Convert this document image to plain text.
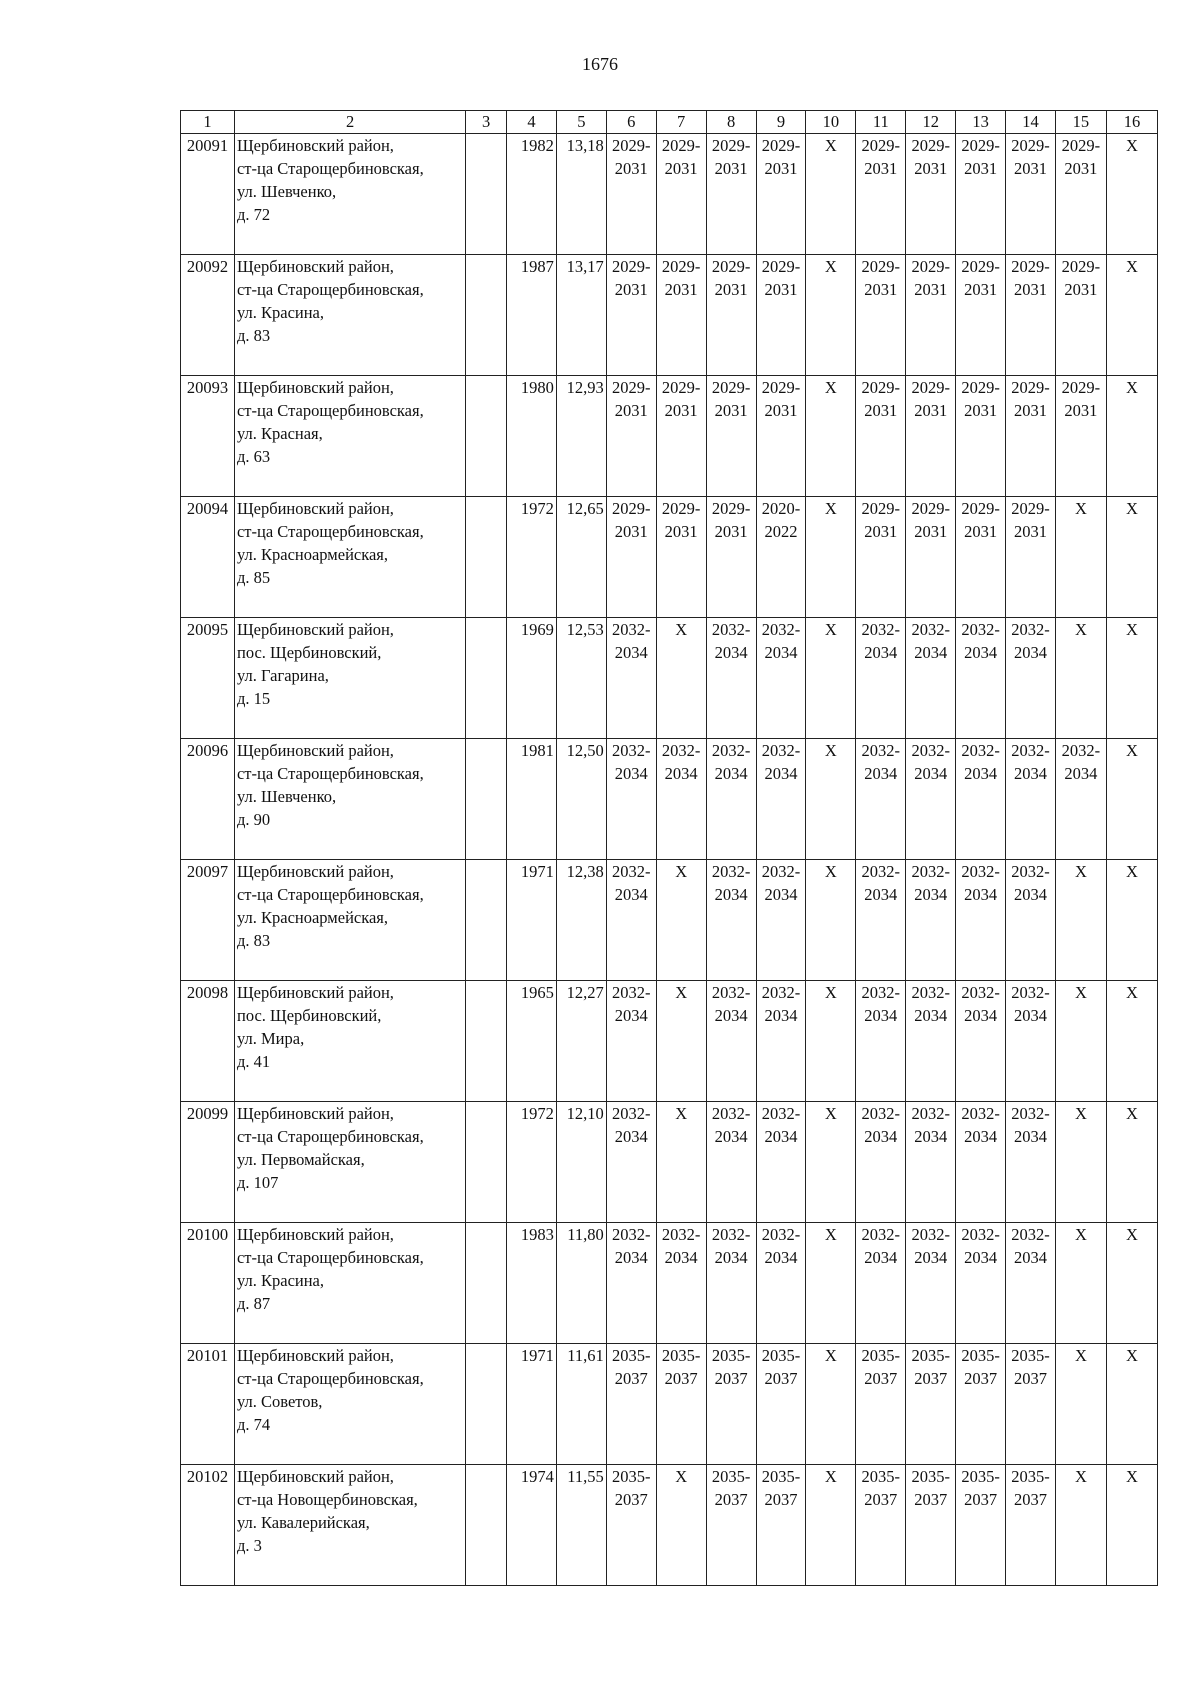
1676
1	2	3	4	5	6	7	8	9	10	11	12	13	14	15	16
20091	Щербиновский район,
ст-ца Старощербиновская,
ул. Шевченко,
д. 72		1982	13,18	2029-
2031	2029-
2031	2029-
2031	2029-
2031	X	2029-
2031	2029-
2031	2029-
2031	2029-
2031	2029-
2031	X
20092	Щербиновский район,
ст-ца Старощербиновская,
ул. Красина,
д. 83		1987	13,17	2029-
2031	2029-
2031	2029-
2031	2029-
2031	X	2029-
2031	2029-
2031	2029-
2031	2029-
2031	2029-
2031	X
20093	Щербиновский район,
ст-ца Старощербиновская,
ул. Красная,
д. 63		1980	12,93	2029-
2031	2029-
2031	2029-
2031	2029-
2031	X	2029-
2031	2029-
2031	2029-
2031	2029-
2031	2029-
2031	X
20094	Щербиновский район,
ст-ца Старощербиновская,
ул. Красноармейская,
д. 85		1972	12,65	2029-
2031	2029-
2031	2029-
2031	2020-
2022	X	2029-
2031	2029-
2031	2029-
2031	2029-
2031	X	X
20095	Щербиновский район,
пос. Щербиновский,
ул. Гагарина,
д. 15		1969	12,53	2032-
2034	X	2032-
2034	2032-
2034	X	2032-
2034	2032-
2034	2032-
2034	2032-
2034	X	X
20096	Щербиновский район,
ст-ца Старощербиновская,
ул. Шевченко,
д. 90		1981	12,50	2032-
2034	2032-
2034	2032-
2034	2032-
2034	X	2032-
2034	2032-
2034	2032-
2034	2032-
2034	2032-
2034	X
20097	Щербиновский район,
ст-ца Старощербиновская,
ул. Красноармейская,
д. 83		1971	12,38	2032-
2034	X	2032-
2034	2032-
2034	X	2032-
2034	2032-
2034	2032-
2034	2032-
2034	X	X
20098	Щербиновский район,
пос. Щербиновский,
ул. Мира,
д. 41		1965	12,27	2032-
2034	X	2032-
2034	2032-
2034	X	2032-
2034	2032-
2034	2032-
2034	2032-
2034	X	X
20099	Щербиновский район,
ст-ца Старощербиновская,
ул. Первомайская,
д. 107		1972	12,10	2032-
2034	X	2032-
2034	2032-
2034	X	2032-
2034	2032-
2034	2032-
2034	2032-
2034	X	X
20100	Щербиновский район,
ст-ца Старощербиновская,
ул. Красина,
д. 87		1983	11,80	2032-
2034	2032-
2034	2032-
2034	2032-
2034	X	2032-
2034	2032-
2034	2032-
2034	2032-
2034	X	X
20101	Щербиновский район,
ст-ца Старощербиновская,
ул. Советов,
д. 74		1971	11,61	2035-
2037	2035-
2037	2035-
2037	2035-
2037	X	2035-
2037	2035-
2037	2035-
2037	2035-
2037	X	X
20102	Щербиновский район,
ст-ца Новощербиновская,
ул. Кавалерийская,
д. 3		1974	11,55	2035-
2037	X	2035-
2037	2035-
2037	X	2035-
2037	2035-
2037	2035-
2037	2035-
2037	X	X
